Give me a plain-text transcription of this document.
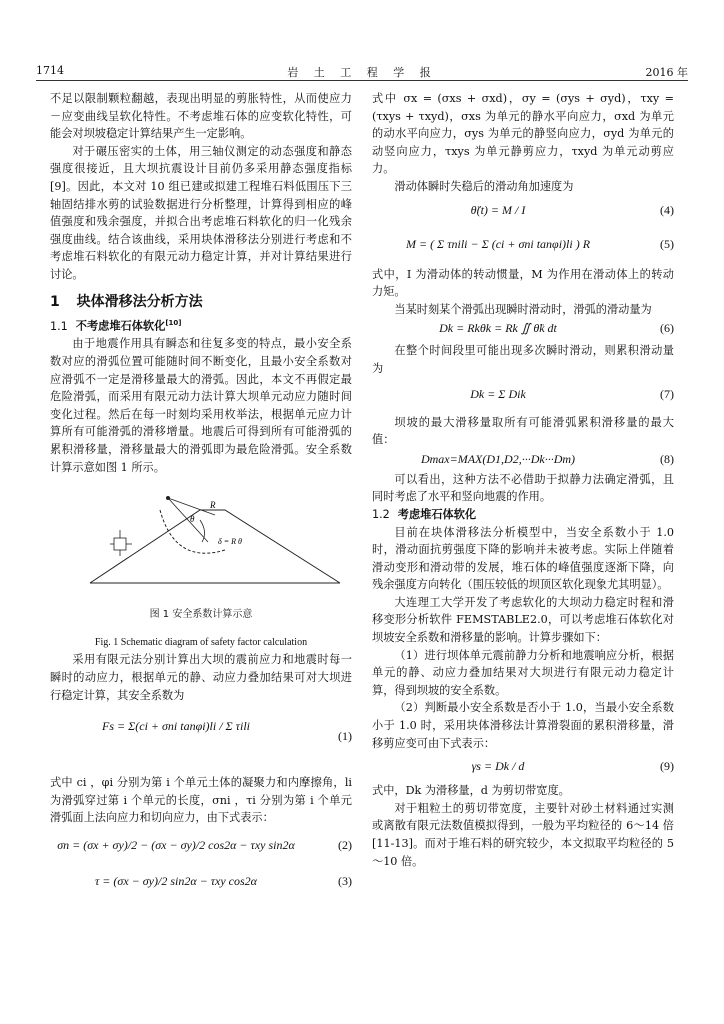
1714	岩 土 工 程 学 报	2016 年

不足以限制颗粒翻越，表现出明显的剪胀特性，从而使应力－应变曲线呈软化特性。不考虑堆石体的应变软化特性，可能会对坝坡稳定计算结果产生一定影响。

对于碾压密实的土体，用三轴仪测定的动态强度和静态强度很接近，且大坝抗震设计目前仍多采用静态强度指标[9]。因此，本文对 10 组已建或拟建工程堆石料低围压下三轴固结排水剪的试验数据进行分析整理，计算得到相应的峰值强度和残余强度，并拟合出考虑堆石料软化的归一化残余强度曲线。结合该曲线，采用块体滑移法分别进行考虑和不考虑堆石料软化的有限元动力稳定计算，并对计算结果进行讨论。

1 块体滑移法分析方法
1.1 不考虑堆石体软化[10]

由于地震作用具有瞬态和往复多变的特点，最小安全系数对应的滑弧位置可能随时间不断变化，且最小安全系数对应滑弧不一定是滑移量最大的滑弧。因此，本文不再假定最危险滑弧，而采用有限元动力法计算大坝单元动应力随时间变化过程。然后在每一时刻均采用枚举法，根据单元应力计算所有可能滑弧的滑移增量。地震后可得到所有可能滑弧的累积滑移量，滑移量最大的滑弧即为最危险滑弧。安全系数计算示意如图 1 所示。

R
θ
δ = R θ
图 1 安全系数计算示意
Fig. 1 Schematic diagram of safety factor calculation

采用有限元法分别计算出大坝的震前应力和地震时每一瞬时的动应力，根据单元的静、动应力叠加结果可对大坝进行稳定计算，其安全系数为

Fs = Σ(ci + σni tanφi)li / Σ τili
(1)

式中 ci ，φi 分别为第 i 个单元土体的凝聚力和内摩擦角，li 为滑弧穿过第 i 个单元的长度，σni ，τi 分别为第 i 个单元滑弧面上法向应力和切向应力，由下式表示：

σn = (σx + σy)/2 − (σx − σy)/2 cos2α − τxy sin2α	(2)
τ = (σx − σy)/2 sin2α − τxy cos2α	(3)

式中 σx = (σxs + σxd)，σy = (σys + σyd)，τxy = (τxys + τxyd)，σxs 为单元的静水平向应力，σxd 为单元的动水平向应力，σys 为单元的静竖向应力，σyd 为单元的动竖向应力，τxys 为单元静剪应力，τxyd 为单元动剪应力。

滑动体瞬时失稳后的滑动角加速度为

θ̈(t) = M / I	(4)
M = ( Σ τnili − Σ (ci + σni tanφi)li ) R	(5)

式中，I 为滑动体的转动惯量，M 为作用在滑动体上的转动力矩。

当某时刻某个滑弧出现瞬时滑动时，滑弧的滑动量为

Dk = Rkθk = Rk ∬ θ̈k dt	(6)

在整个时间段里可能出现多次瞬时滑动，则累积滑动量为

Dk = Σ Dik	(7)

坝坡的最大滑移量取所有可能滑弧累积滑移量的最大值：

Dmax=MAX(D1,D2,···Dk···Dm)	(8)

可以看出，这种方法不必借助于拟静力法确定滑弧，且同时考虑了水平和竖向地震的作用。

1.2 考虑堆石体软化

目前在块体滑移法分析模型中，当安全系数小于 1.0 时，滑动面抗剪强度下降的影响并未被考虑。实际上伴随着滑动变形和滑动带的发展，堆石体的峰值强度逐渐下降，向残余强度方向转化（围压较低的坝顶区软化现象尤其明显）。

大连理工大学开发了考虑软化的大坝动力稳定时程和滑移变形分析软件 FEMSTABLE2.0，可以考虑堆石体软化对坝坡安全系数和滑移量的影响。计算步骤如下：

（1）进行坝体单元震前静力分析和地震响应分析，根据单元的静、动应力叠加结果对大坝进行有限元动力稳定计算，得到坝坡的安全系数。

（2）判断最小安全系数是否小于 1.0，当最小安全系数小于 1.0 时，采用块体滑移法计算滑裂面的累积滑移量，滑移剪应变可由下式表示：

γs = Dk / d	(9)

式中，Dk 为滑移量，d 为剪切带宽度。

对于粗粒土的剪切带宽度，主要针对砂土材料通过实测或离散有限元法数值模拟得到，一般为平均粒径的 6～14 倍[11-13]。而对于堆石料的研究较少，本文拟取平均粒径的 5～10 倍。
